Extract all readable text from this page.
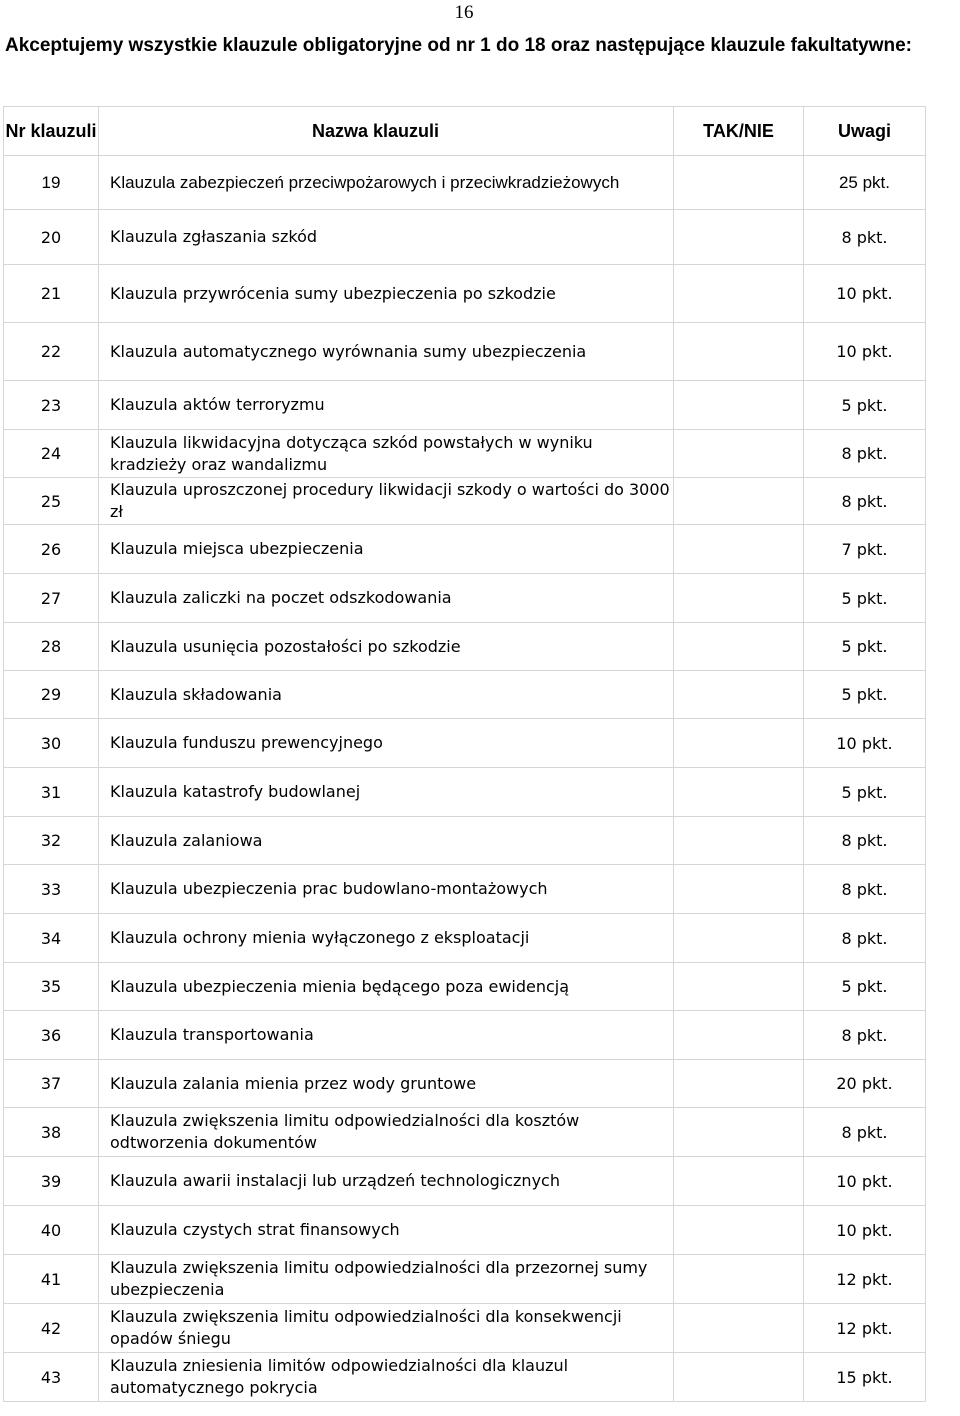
16
Akceptujemy wszystkie klauzule obligatoryjne od nr 1 do 18 oraz następujące klauzule fakultatywne:
Nr klauzuli	Nazwa klauzuli	TAK/NIE	Uwagi
19	Klauzula zabezpieczeń przeciwpożarowych i przeciwkradzieżowych		25 pkt.
20	Klauzula zgłaszania szkód		8 pkt.
21	Klauzula przywrócenia sumy ubezpieczenia po szkodzie		10 pkt.
22	Klauzula automatycznego wyrównania sumy ubezpieczenia		10 pkt.
23	Klauzula aktów terroryzmu		5 pkt.
24	Klauzula likwidacyjna dotycząca szkód powstałych w wyniku kradzieży oraz wandalizmu		8 pkt.
25	Klauzula uproszczonej procedury likwidacji szkody o wartości do 3000 zł		8 pkt.
26	Klauzula miejsca ubezpieczenia		7 pkt.
27	Klauzula zaliczki na poczet odszkodowania		5 pkt.
28	Klauzula usunięcia pozostałości po szkodzie		5 pkt.
29	Klauzula składowania		5 pkt.
30	Klauzula funduszu prewencyjnego		10 pkt.
31	Klauzula katastrofy budowlanej		5 pkt.
32	Klauzula zalaniowa		8 pkt.
33	Klauzula ubezpieczenia prac budowlano-montażowych		8 pkt.
34	Klauzula ochrony mienia wyłączonego z eksploatacji		8 pkt.
35	Klauzula ubezpieczenia mienia będącego poza ewidencją		5 pkt.
36	Klauzula transportowania		8 pkt.
37	Klauzula zalania mienia przez wody gruntowe		20 pkt.
38	Klauzula zwiększenia limitu odpowiedzialności dla kosztów odtworzenia dokumentów		8 pkt.
39	Klauzula awarii instalacji lub urządzeń technologicznych		10 pkt.
40	Klauzula czystych strat finansowych		10 pkt.
41	Klauzula zwiększenia limitu odpowiedzialności dla przezornej sumy ubezpieczenia		12 pkt.
42	Klauzula zwiększenia limitu odpowiedzialności dla konsekwencji opadów śniegu		12 pkt.
43	Klauzula zniesienia limitów odpowiedzialności dla klauzul automatycznego pokrycia		15 pkt.
